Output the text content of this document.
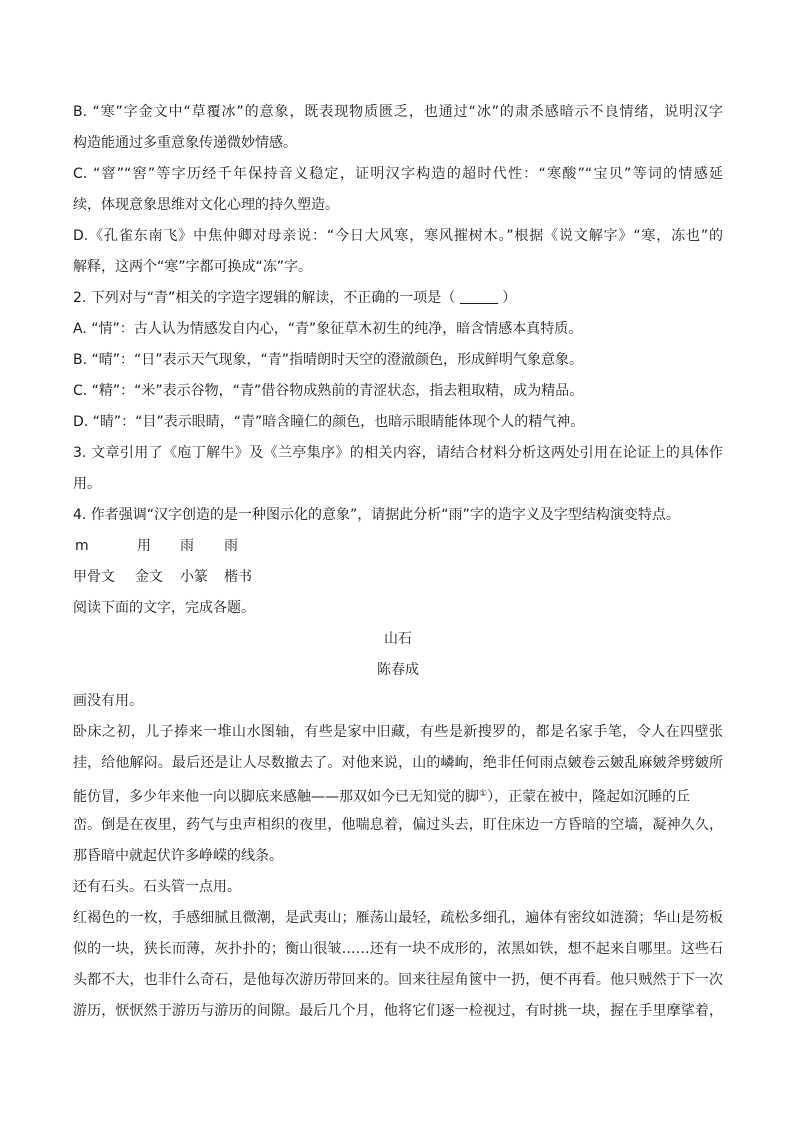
B. “寒”字金文中“草覆冰”的意象，既表现物质匮乏，也通过“冰”的肃杀感暗示不良情绪，说明汉字
构造能通过多重意象传递微妙情感。
C. “窨”“窖”等字历经千年保持音义稳定，证明汉字构造的超时代性：“寒酸”“宝贝”等词的情感延
续，体现意象思维对文化心理的持久塑造。
D.《孔雀东南飞》中焦仲卿对母亲说：“今日大风寒，寒风摧树木。”根据《说文解字》“寒，冻也”的
解释，这两个“寒”字都可换成“冻”字。
2. 下列对与“青”相关的字造字逻辑的解读，不正确的一项是（	）
A. “情”：古人认为情感发自内心，“青”象征草木初生的纯净，暗含情感本真特质。
B. “晴”：“日”表示天气现象，“青”指晴朗时天空的澄澈颜色，形成鲜明气象意象。
C. “精”：“米”表示谷物，“青”借谷物成熟前的青涩状态，指去粗取精，成为精品。
D. “睛”：“目”表示眼睛，“青”暗含瞳仁的颜色，也暗示眼睛能体现个人的精气神。
3. 文章引用了《庖丁解牛》及《兰亭集序》的相关内容，请结合材料分析这两处引用在论证上的具体作
用。
4. 作者强调“汉字创造的是一种图示化的意象”，请据此分析“雨”字的造字义及字型结构演变特点。
m	用 雨 雨
甲骨文 金文 小篆 楷书
阅读下面的文字，完成各题。
山石
陈春成
画没有用。
卧床之初，儿子捧来一堆山水图轴，有些是家中旧藏，有些是新搜罗的，都是名家手笔，令人在四壁张
挂，给他解闷。最后还是让人尽数撤去了。对他来说，山的嶙峋，绝非任何雨点皴卷云皴乱麻皴斧劈皴所
能仿冒，多少年来他一向以脚底来感触——那双如今已无知觉的脚①），正蒙在被中，隆起如沉睡的丘
峦。倒是在夜里，药气与虫声相织的夜里，他喘息着，偏过头去，盯住床边一方昏暗的空墙，凝神久久，
那昏暗中就起伏许多峥嵘的线条。
还有石头。石头管一点用。
红褐色的一枚，手感细腻且微潮，是武夷山；雁荡山最轻，疏松多细孔，遍体有密纹如涟漪；华山是笏板
似的一块，狭长而薄，灰扑扑的；衡山很皱……还有一块不成形的，浓黑如铁，想不起来自哪里。这些石
头都不大，也非什么奇石，是他每次游历带回来的。回来往屋角篋中一扔，便不再看。他只贼然于下一次
游历，恹恹然于游历与游历的间隙。最后几个月，他将它们逐一检视过，有时挑一块，握在手里摩挲着，
